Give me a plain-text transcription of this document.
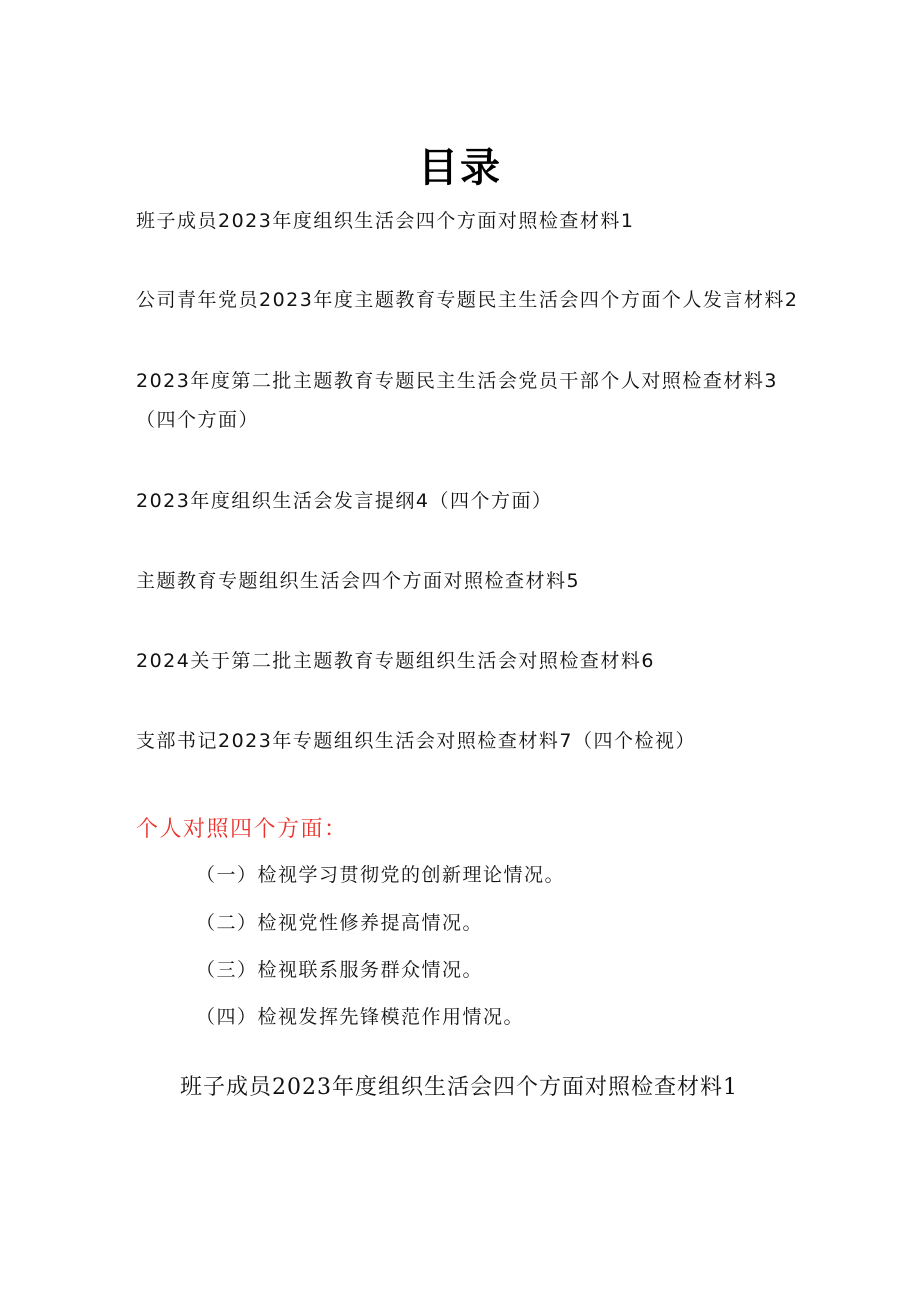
目录
班子成员2023年度组织生活会四个方面对照检查材料1
公司青年党员2023年度主题教育专题民主生活会四个方面个人发言材料2
2023年度第二批主题教育专题民主生活会党员干部个人对照检查材料3
（四个方面）
2023年度组织生活会发言提纲4（四个方面）
主题教育专题组织生活会四个方面对照检查材料5
2024关于第二批主题教育专题组织生活会对照检查材料6
支部书记2023年专题组织生活会对照检查材料7（四个检视）
个人对照四个方面：
（一）检视学习贯彻党的创新理论情况。
（二）检视党性修养提高情况。
（三）检视联系服务群众情况。
（四）检视发挥先锋模范作用情况。
班子成员2023年度组织生活会四个方面对照检查材料1
